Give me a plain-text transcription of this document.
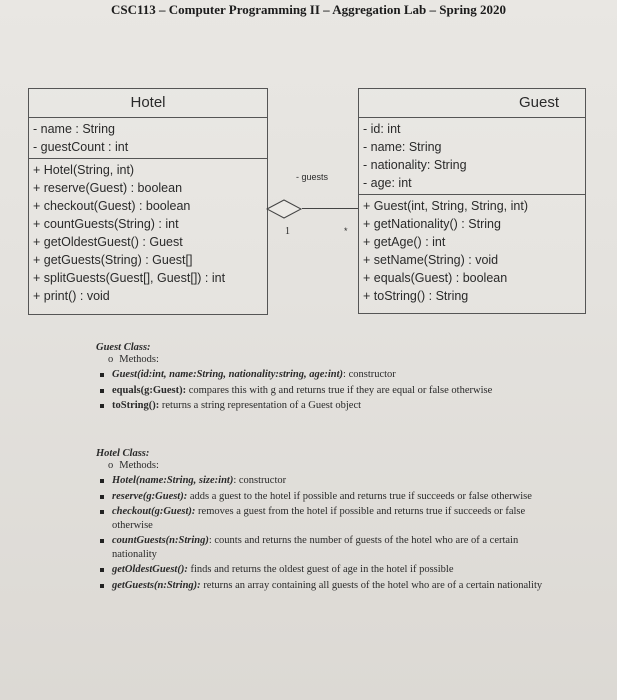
CSC113 – Computer Programming II – Aggregation Lab – Spring 2020
Hotel
- name : String
- guestCount : int
+ Hotel(String, int)
+ reserve(Guest) : boolean
+ checkout(Guest) : boolean
+ countGuests(String) : int
+ getOldestGuest() : Guest
+ getGuests(String) : Guest[]
+ splitGuests(Guest[], Guest[]) : int
+ print() : void
Guest
- id: int
- name: String
- nationality: String
- age: int
+ Guest(int, String, String, int)
+ getNationality() : String
+ getAge() : int
+ setName(String) : void
+ equals(Guest) : boolean
+ toString() : String
- guests
1	*
Guest Class:
o Methods:
Guest(id:int, name:String, nationality:string, age:int): constructor
equals(g:Guest): compares this with g and returns true if they are equal or false otherwise
toString(): returns a string representation of a Guest object
Hotel Class:
o Methods:
Hotel(name:String, size:int): constructor
reserve(g:Guest): adds a guest to the hotel if possible and returns true if succeeds or false otherwise
checkout(g:Guest): removes a guest from the hotel if possible and returns true if succeeds or false otherwise
countGuests(n:String): counts and returns the number of guests of the hotel who are of a certain nationality
getOldestGuest(): finds and returns the oldest guest of age in the hotel if possible
getGuests(n:String): returns an array containing all guests of the hotel who are of a certain nationality
